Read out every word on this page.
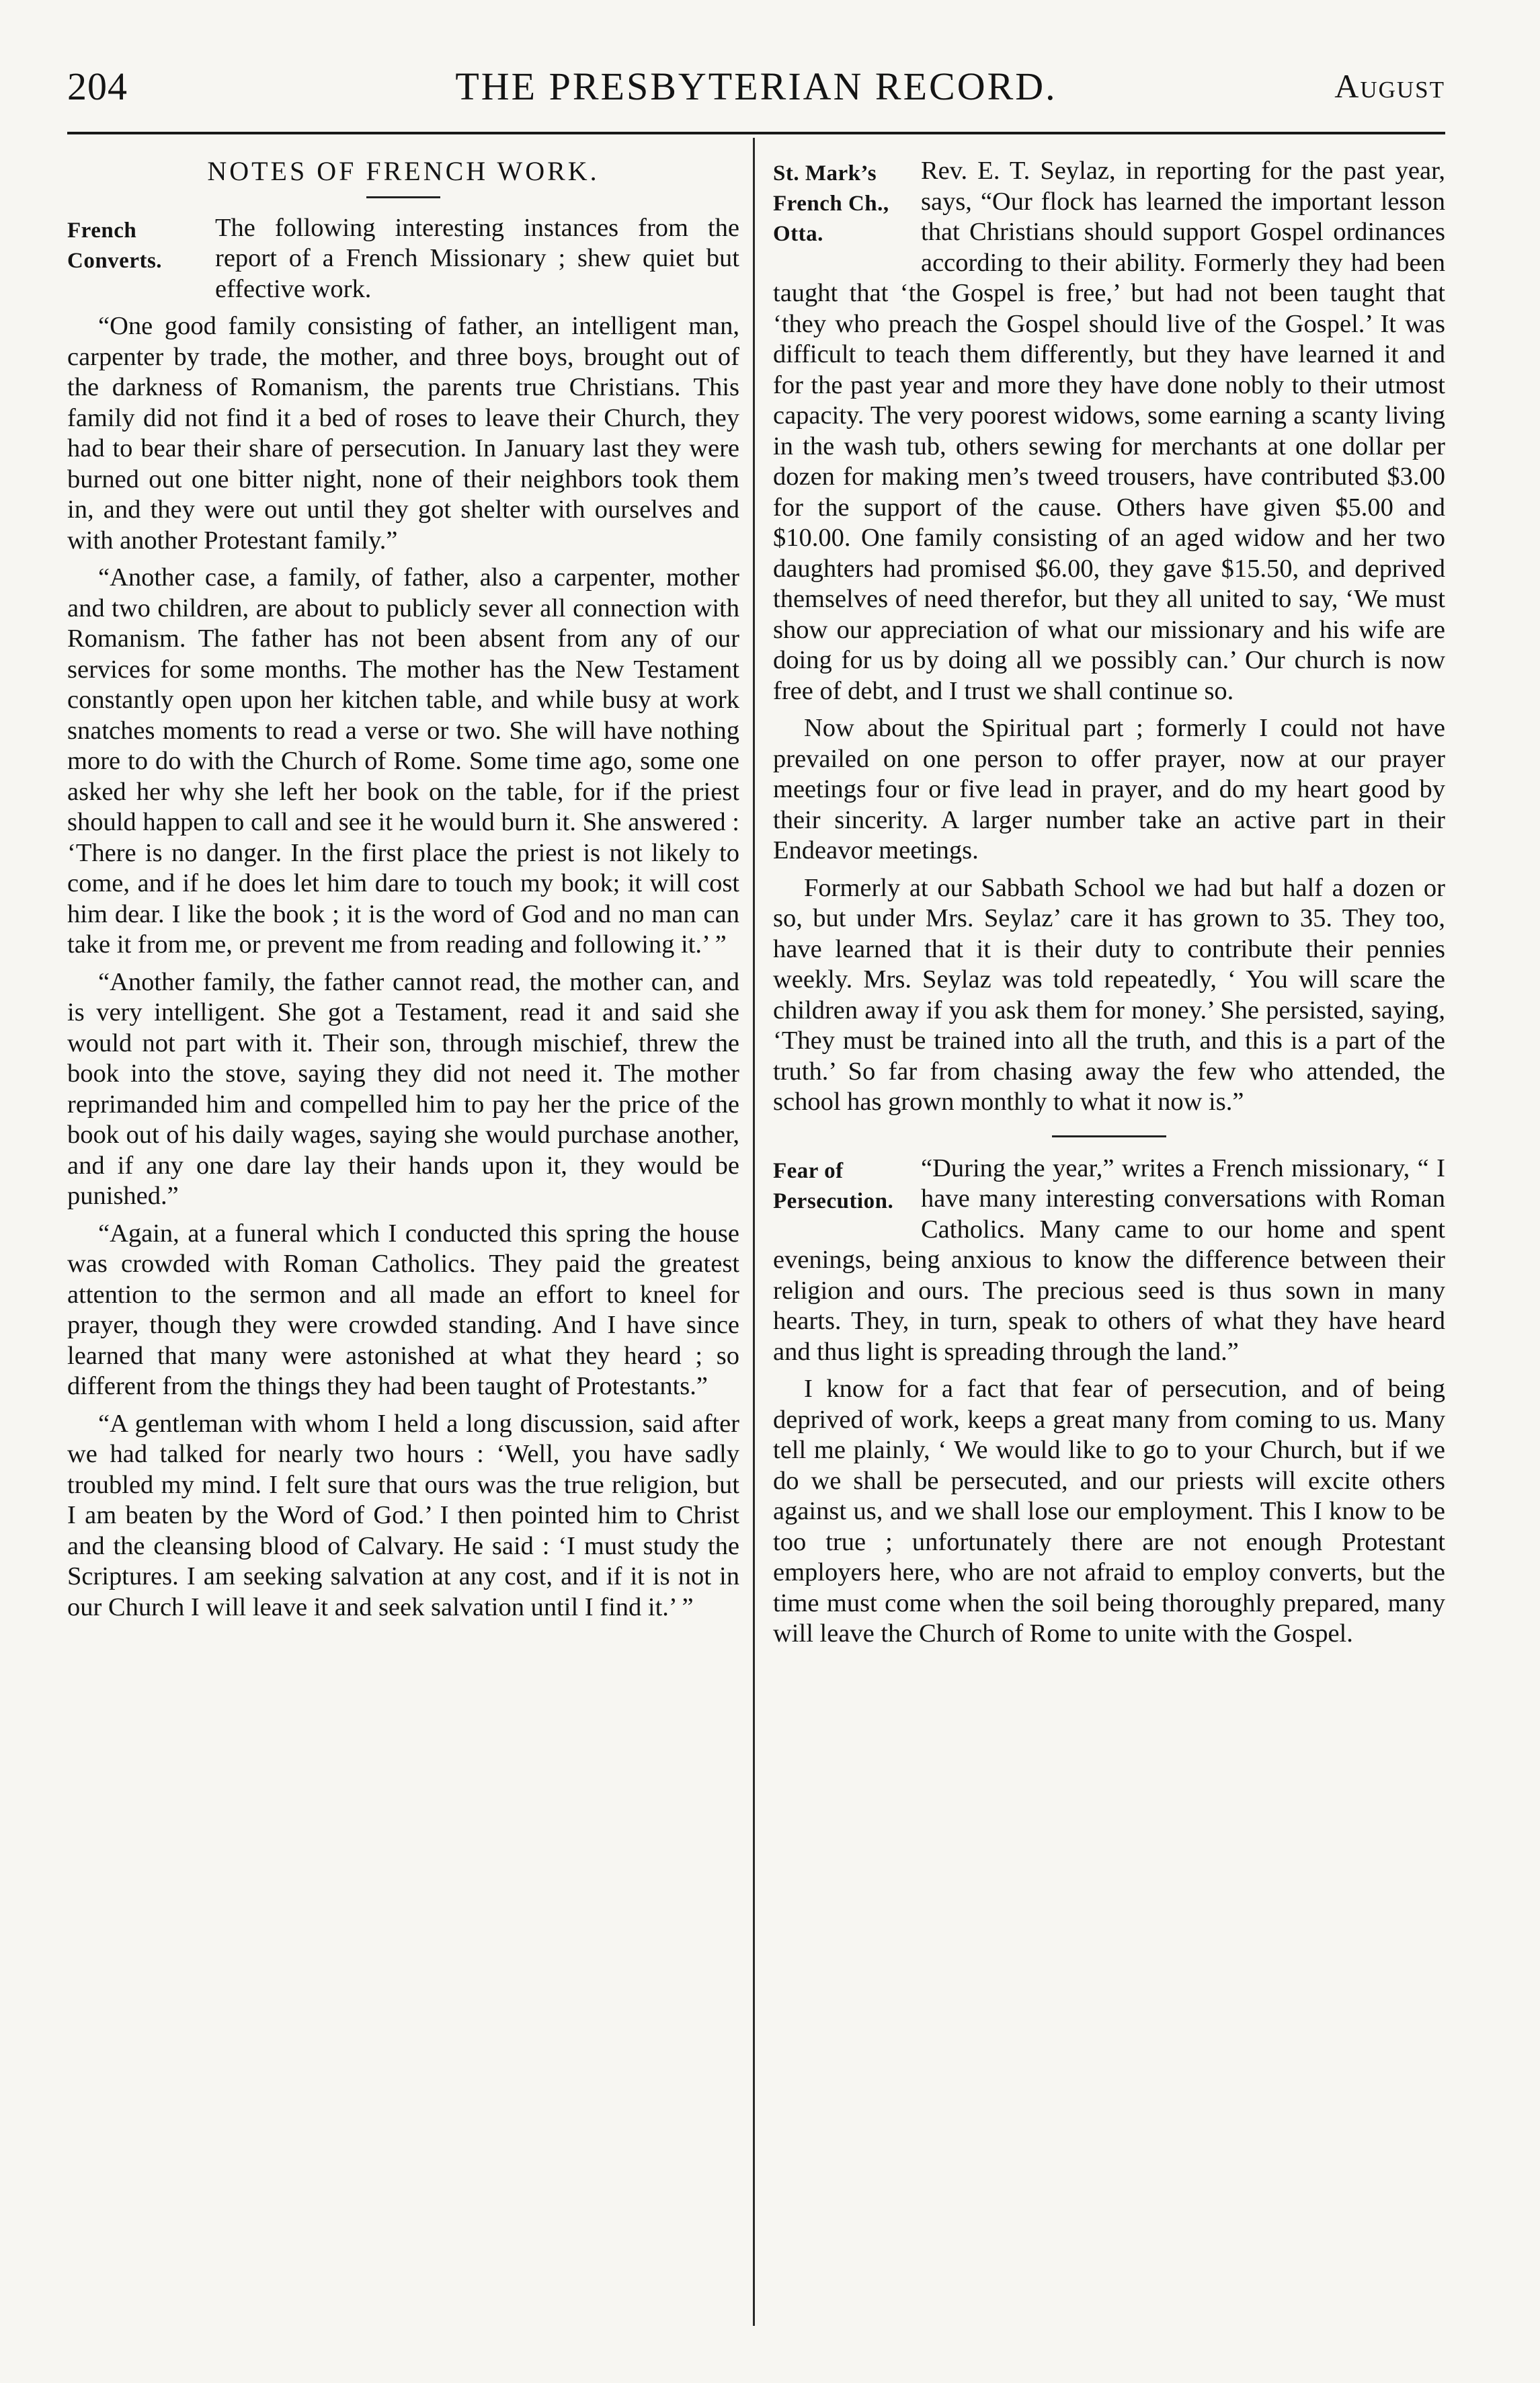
204	THE PRESBYTERIAN RECORD.	August
NOTES OF FRENCH WORK.

French
Converts.
The following interesting instances from the report of a French Missionary ; shew quiet but effective work.

“One good family consisting of father, an intelligent man, carpenter by trade, the mother, and three boys, brought out of the darkness of Romanism, the parents true Christians. This family did not find it a bed of roses to leave their Church, they had to bear their share of persecution. In January last they were burned out one bitter night, none of their neighbors took them in, and they were out until they got shelter with ourselves and with another Protestant family.”

“Another case, a family, of father, also a carpenter, mother and two children, are about to publicly sever all connection with Romanism. The father has not been absent from any of our services for some months. The mother has the New Testament constantly open upon her kitchen table, and while busy at work snatches moments to read a verse or two. She will have nothing more to do with the Church of Rome. Some time ago, some one asked her why she left her book on the table, for if the priest should happen to call and see it he would burn it. She answered : ‘There is no danger. In the first place the priest is not likely to come, and if he does let him dare to touch my book; it will cost him dear. I like the book ; it is the word of God and no man can take it from me, or prevent me from reading and following it.’ ”

“Another family, the father cannot read, the mother can, and is very intelligent. She got a Testament, read it and said she would not part with it. Their son, through mischief, threw the book into the stove, saying they did not need it. The mother reprimanded him and compelled him to pay her the price of the book out of his daily wages, saying she would purchase another, and if any one dare lay their hands upon it, they would be punished.”

“Again, at a funeral which I conducted this spring the house was crowded with Roman Catholics. They paid the greatest attention to the sermon and all made an effort to kneel for prayer, though they were crowded standing. And I have since learned that many were astonished at what they heard ; so different from the things they had been taught of Protestants.”

“A gentleman with whom I held a long discussion, said after we had talked for nearly two hours : ‘Well, you have sadly troubled my mind. I felt sure that ours was the true religion, but I am beaten by the Word of God.’ I then pointed him to Christ and the cleansing blood of Calvary. He said : ‘I must study the Scriptures. I am seeking salvation at any cost, and if it is not in our Church I will leave it and seek salvation until I find it.’ ”

St. Mark’s
French Ch., Otta.
Rev. E. T. Seylaz, in reporting for the past year, says, “Our flock has learned the important lesson that Christians should support Gospel ordinances according to their ability. Formerly they had been taught that ‘the Gospel is free,’ but had not been taught that ‘they who preach the Gospel should live of the Gospel.’ It was difficult to teach them differently, but they have learned it and for the past year and more they have done nobly to their utmost capacity. The very poorest widows, some earning a scanty living in the wash tub, others sewing for merchants at one dollar per dozen for making men’s tweed trousers, have contributed $3.00 for the support of the cause. Others have given $5.00 and $10.00. One family consisting of an aged widow and her two daughters had promised $6.00, they gave $15.50, and deprived themselves of need therefor, but they all united to say, ‘We must show our appreciation of what our missionary and his wife are doing for us by doing all we possibly can.’ Our church is now free of debt, and I trust we shall continue so.

Now about the Spiritual part ; formerly I could not have prevailed on one person to offer prayer, now at our prayer meetings four or five lead in prayer, and do my heart good by their sincerity. A larger number take an active part in their Endeavor meetings.

Formerly at our Sabbath School we had but half a dozen or so, but under Mrs. Seylaz’ care it has grown to 35. They too, have learned that it is their duty to contribute their pennies weekly. Mrs. Seylaz was told repeatedly, ‘ You will scare the children away if you ask them for money.’ She persisted, saying, ‘They must be trained into all the truth, and this is a part of the truth.’ So far from chasing away the few who attended, the school has grown monthly to what it now is.”

Fear of
Persecution.
“During the year,” writes a French missionary, “ I have many interesting conversations with Roman Catholics. Many came to our home and spent evenings, being anxious to know the difference between their religion and ours. The precious seed is thus sown in many hearts. They, in turn, speak to others of what they have heard and thus light is spreading through the land.”

I know for a fact that fear of persecution, and of being deprived of work, keeps a great many from coming to us. Many tell me plainly, ‘ We would like to go to your Church, but if we do we shall be persecuted, and our priests will excite others against us, and we shall lose our employment. This I know to be too true ; unfortunately there are not enough Protestant employers here, who are not afraid to employ converts, but the time must come when the soil being thoroughly prepared, many will leave the Church of Rome to unite with the Gospel.
